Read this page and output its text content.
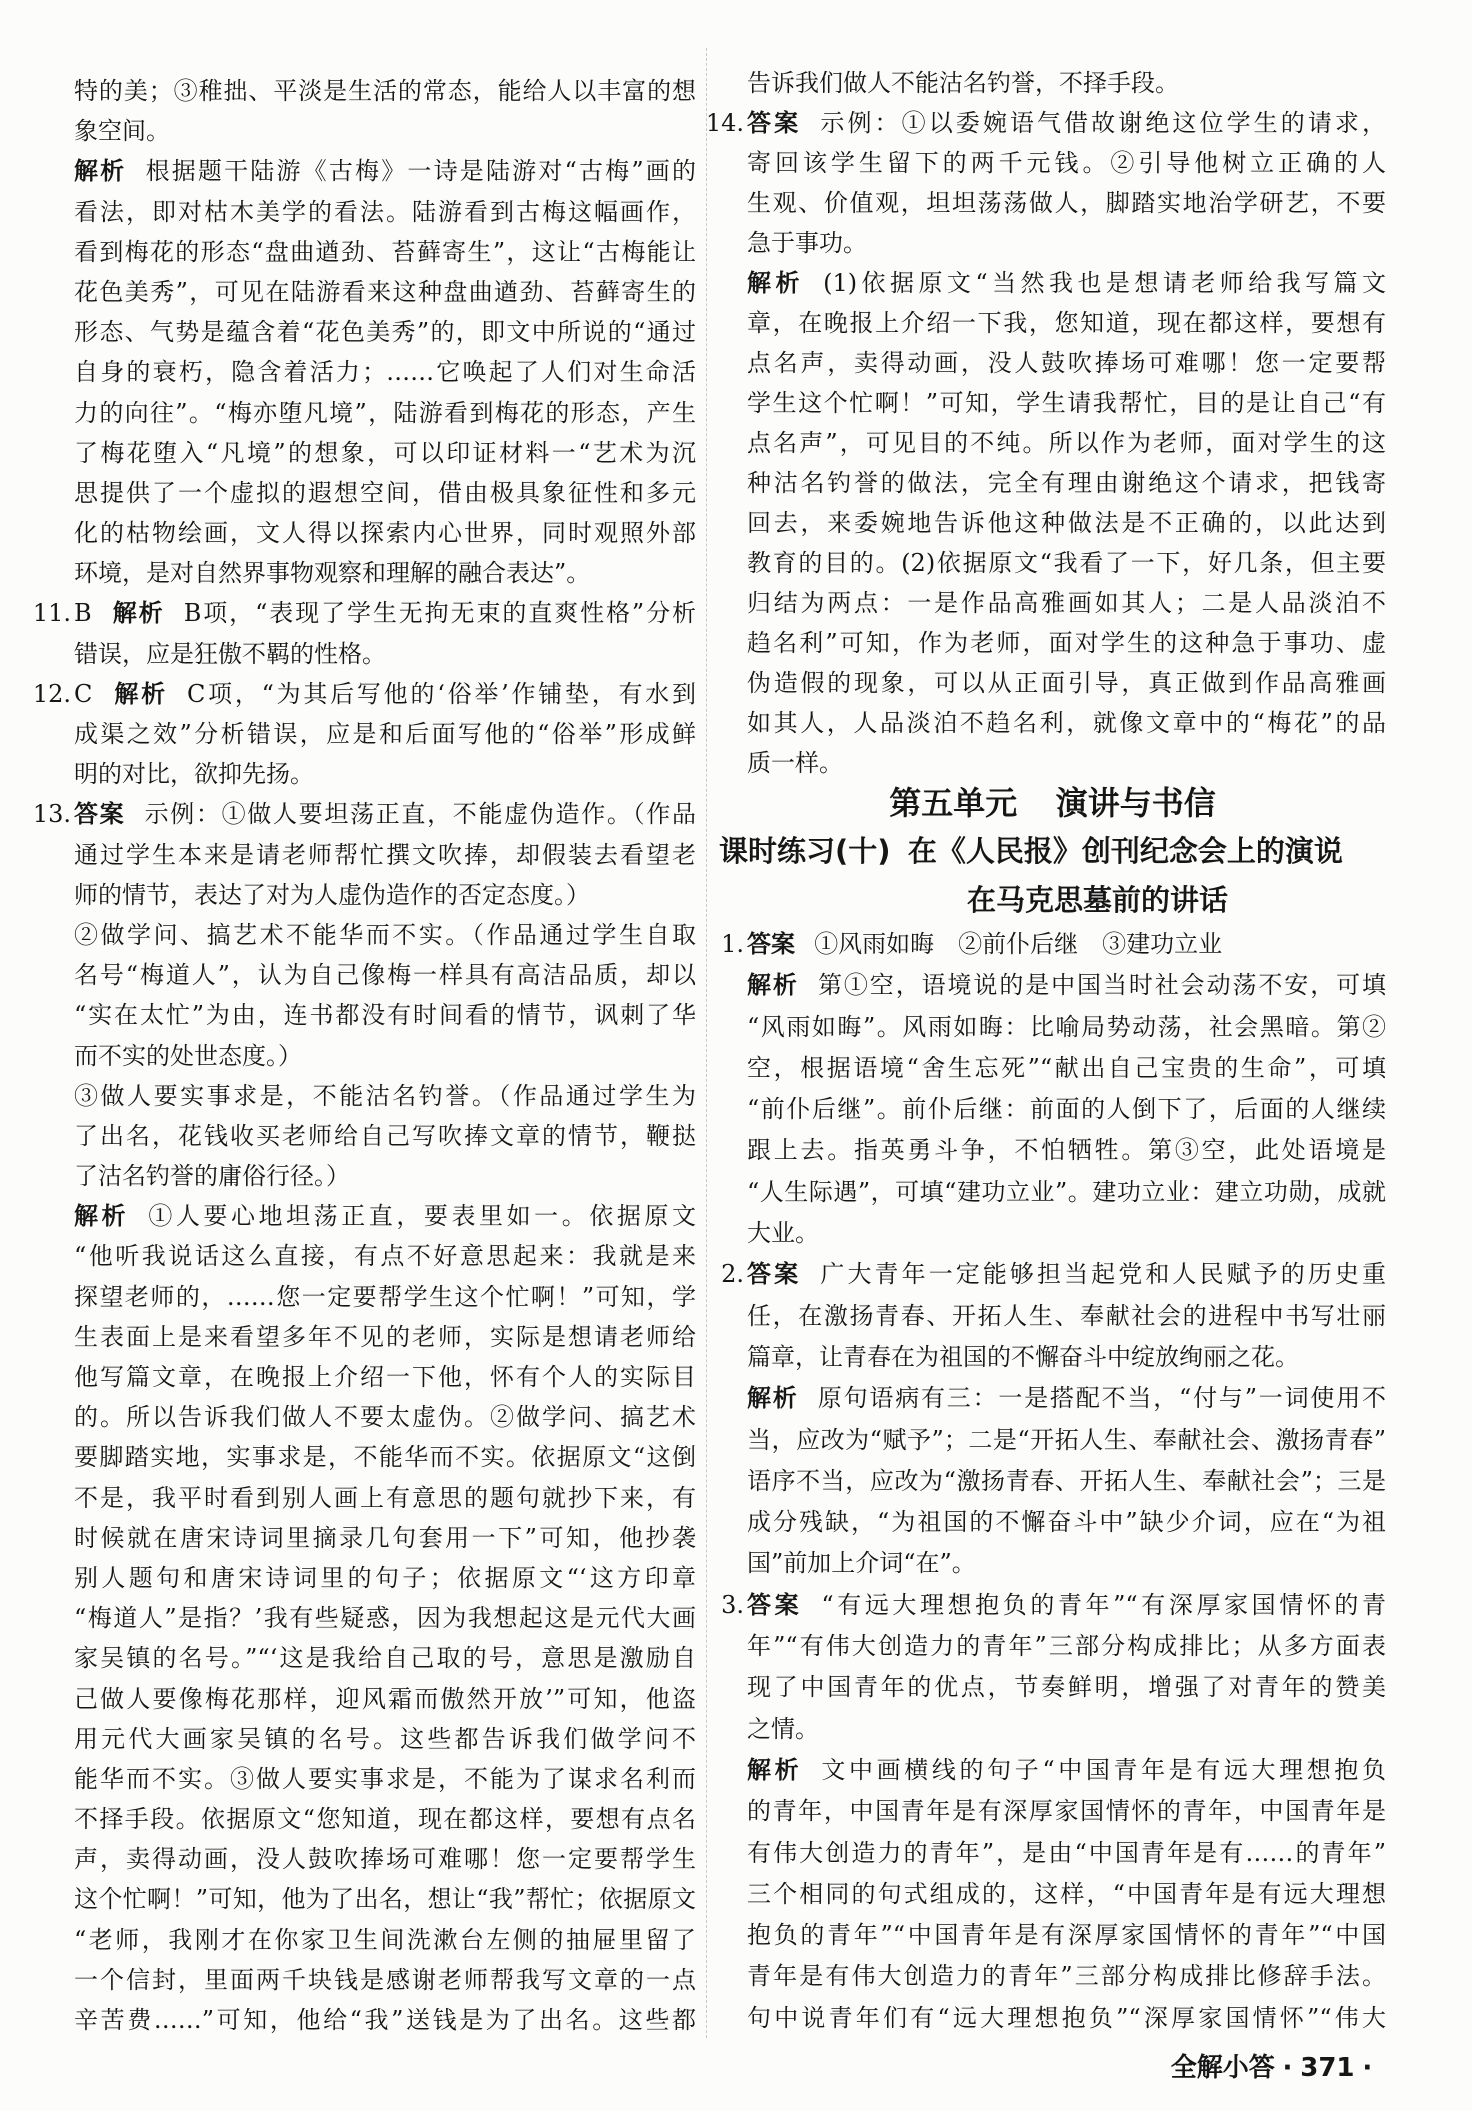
特的美；③稚拙、平淡是生活的常态，能给人以丰富的想
象空间。
解析 根据题干陆游《古梅》一诗是陆游对“古梅”画的
看法，即对枯木美学的看法。陆游看到古梅这幅画作，
看到梅花的形态“盘曲遒劲、苔藓寄生”，这让“古梅能让
花色美秀”，可见在陆游看来这种盘曲遒劲、苔藓寄生的
形态、气势是蕴含着“花色美秀”的，即文中所说的“通过
自身的衰朽，隐含着活力；……它唤起了人们对生命活
力的向往”。“梅亦堕凡境”，陆游看到梅花的形态，产生
了梅花堕入“凡境”的想象，可以印证材料一“艺术为沉
思提供了一个虚拟的遐想空间，借由极具象征性和多元
化的枯物绘画，文人得以探索内心世界，同时观照外部
环境，是对自然界事物观察和理解的融合表达”。
11. B 解析 B项，“表现了学生无拘无束的直爽性格”分析
错误，应是狂傲不羁的性格。
12. C 解析 C项，“为其后写他的‘俗举’作铺垫，有水到
成渠之效”分析错误，应是和后面写他的“俗举”形成鲜
明的对比，欲抑先扬。
13. 答案 示例：①做人要坦荡正直，不能虚伪造作。（作品
通过学生本来是请老师帮忙撰文吹捧，却假装去看望老
师的情节，表达了对为人虚伪造作的否定态度。）
②做学问、搞艺术不能华而不实。（作品通过学生自取
名号“梅道人”，认为自己像梅一样具有高洁品质，却以
“实在太忙”为由，连书都没有时间看的情节，讽刺了华
而不实的处世态度。）
③做人要实事求是，不能沽名钓誉。（作品通过学生为
了出名，花钱收买老师给自己写吹捧文章的情节，鞭挞
了沽名钓誉的庸俗行径。）
解析 ①人要心地坦荡正直，要表里如一。依据原文
“他听我说话这么直接，有点不好意思起来：我就是来
探望老师的，……您一定要帮学生这个忙啊！”可知，学
生表面上是来看望多年不见的老师，实际是想请老师给
他写篇文章，在晚报上介绍一下他，怀有个人的实际目
的。所以告诉我们做人不要太虚伪。②做学问、搞艺术
要脚踏实地，实事求是，不能华而不实。依据原文“这倒
不是，我平时看到别人画上有意思的题句就抄下来，有
时候就在唐宋诗词里摘录几句套用一下”可知，他抄袭
别人题句和唐宋诗词里的句子；依据原文“‘这方印章
“梅道人”是指？’我有些疑惑，因为我想起这是元代大画
家吴镇的名号。”“‘这是我给自己取的号，意思是激励自
己做人要像梅花那样，迎风霜而傲然开放’”可知，他盗
用元代大画家吴镇的名号。这些都告诉我们做学问不
能华而不实。③做人要实事求是，不能为了谋求名利而
不择手段。依据原文“您知道，现在都这样，要想有点名
声，卖得动画，没人鼓吹捧场可难哪！您一定要帮学生
这个忙啊！”可知，他为了出名，想让“我”帮忙；依据原文
“老师，我刚才在你家卫生间洗漱台左侧的抽屉里留了
一个信封，里面两千块钱是感谢老师帮我写文章的一点
辛苦费……”可知，他给“我”送钱是为了出名。这些都
告诉我们做人不能沽名钓誉，不择手段。
14. 答案 示例：①以委婉语气借故谢绝这位学生的请求，
寄回该学生留下的两千元钱。②引导他树立正确的人
生观、价值观，坦坦荡荡做人，脚踏实地治学研艺，不要
急于事功。
解析 (1)依据原文“当然我也是想请老师给我写篇文
章，在晚报上介绍一下我，您知道，现在都这样，要想有
点名声，卖得动画，没人鼓吹捧场可难哪！您一定要帮
学生这个忙啊！”可知，学生请我帮忙，目的是让自己“有
点名声”，可见目的不纯。所以作为老师，面对学生的这
种沽名钓誉的做法，完全有理由谢绝这个请求，把钱寄
回去，来委婉地告诉他这种做法是不正确的，以此达到
教育的目的。(2)依据原文“我看了一下，好几条，但主要
归结为两点：一是作品高雅画如其人；二是人品淡泊不
趋名利”可知，作为老师，面对学生的这种急于事功、虚
伪造假的现象，可以从正面引导，真正做到作品高雅画
如其人，人品淡泊不趋名利，就像文章中的“梅花”的品
质一样。
第五单元 演讲与书信
课时练习(十) 在《人民报》创刊纪念会上的演说
在马克思墓前的讲话
1. 答案 ①风雨如晦　②前仆后继　③建功立业
解析 第①空，语境说的是中国当时社会动荡不安，可填
“风雨如晦”。风雨如晦：比喻局势动荡，社会黑暗。第②
空，根据语境“舍生忘死”“献出自己宝贵的生命”，可填
“前仆后继”。前仆后继：前面的人倒下了，后面的人继续
跟上去。指英勇斗争，不怕牺牲。第③空，此处语境是
“人生际遇”，可填“建功立业”。建功立业：建立功勋，成就
大业。
2. 答案 广大青年一定能够担当起党和人民赋予的历史重
任，在激扬青春、开拓人生、奉献社会的进程中书写壮丽
篇章，让青春在为祖国的不懈奋斗中绽放绚丽之花。
解析 原句语病有三：一是搭配不当，“付与”一词使用不
当，应改为“赋予”；二是“开拓人生、奉献社会、激扬青春”
语序不当，应改为“激扬青春、开拓人生、奉献社会”；三是
成分残缺，“为祖国的不懈奋斗中”缺少介词，应在“为祖
国”前加上介词“在”。
3. 答案 “有远大理想抱负的青年”“有深厚家国情怀的青
年”“有伟大创造力的青年”三部分构成排比；从多方面表
现了中国青年的优点，节奏鲜明，增强了对青年的赞美
之情。
解析 文中画横线的句子“中国青年是有远大理想抱负
的青年，中国青年是有深厚家国情怀的青年，中国青年是
有伟大创造力的青年”，是由“中国青年是有……的青年”
三个相同的句式组成的，这样，“中国青年是有远大理想
抱负的青年”“中国青年是有深厚家国情怀的青年”“中国
青年是有伟大创造力的青年”三部分构成排比修辞手法。
句中说青年们有“远大理想抱负”“深厚家国情怀”“伟大
全解小答 · 371 ·
